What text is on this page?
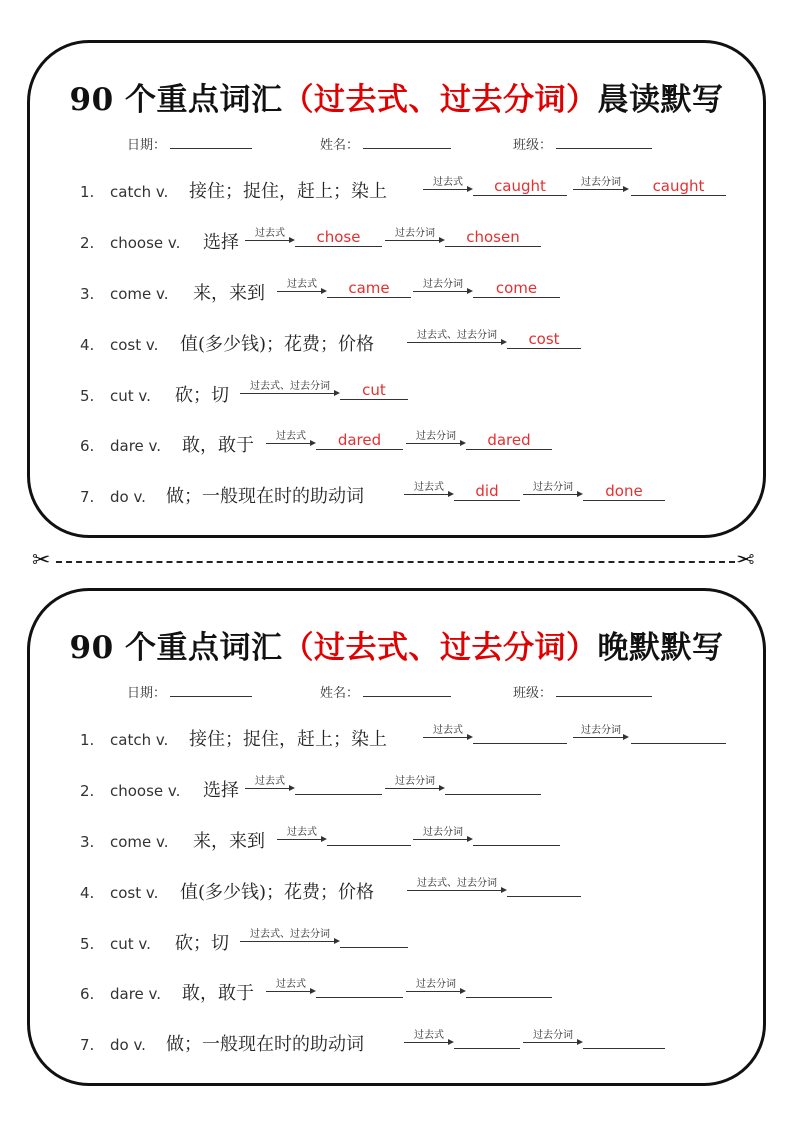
90 个重点词汇（过去式、过去分词）晨读默写
日期：	姓名：	班级：
1. catch v. 接住；捉住，赶上；染上	过去式	caught	过去分词	caught
2. choose v. 选择	过去式	chose	过去分词	chosen
3. come v. 来，来到	过去式	came	过去分词	come
4. cost v. 值(多少钱)；花费；价格	过去式、过去分词	cost
5. cut v. 砍；切	过去式、过去分词	cut
6. dare v. 敢，敢于	过去式	dared	过去分词	dared
7. do v. 做；一般现在时的助动词	过去式	did	过去分词	done
✂	✂
90 个重点词汇（过去式、过去分词）晚默默写
日期：	姓名：	班级：
1. catch v. 接住；捉住，赶上；染上	过去式	过去分词
2. choose v. 选择	过去式	过去分词
3. come v. 来，来到	过去式	过去分词
4. cost v. 值(多少钱)；花费；价格	过去式、过去分词
5. cut v. 砍；切	过去式、过去分词
6. dare v. 敢，敢于	过去式	过去分词
7. do v. 做；一般现在时的助动词	过去式	过去分词
